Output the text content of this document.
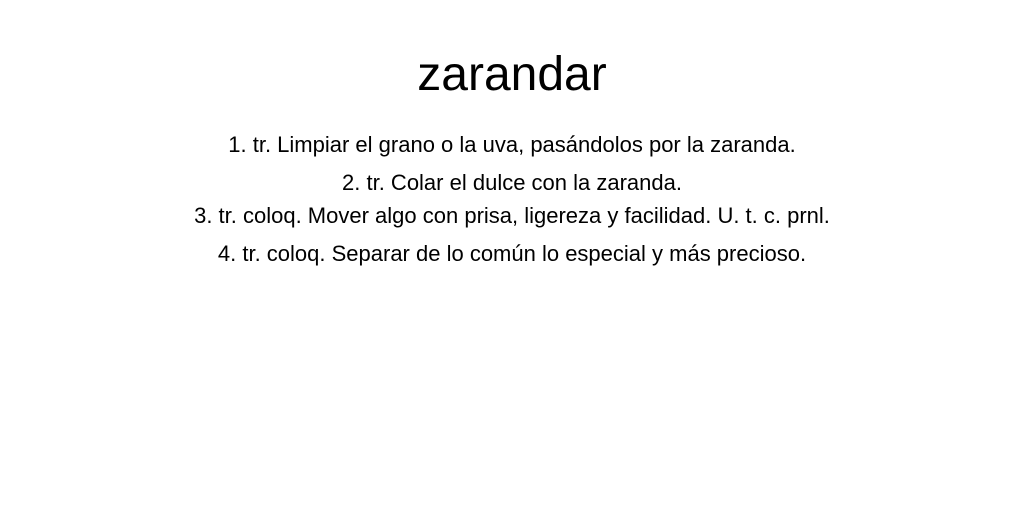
zarandar
1. tr. Limpiar el grano o la uva, pasándolos por la zaranda.
2. tr. Colar el dulce con la zaranda.
3. tr. coloq. Mover algo con prisa, ligereza y facilidad. U. t. c. prnl.
4. tr. coloq. Separar de lo común lo especial y más precioso.
